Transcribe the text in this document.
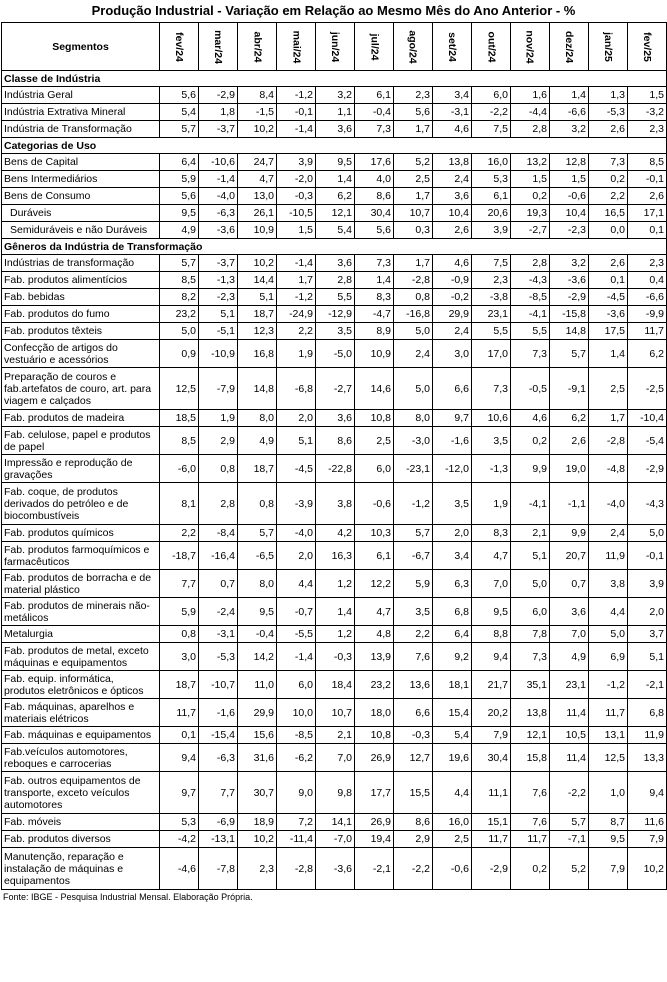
Produção Industrial - Variação em Relação ao Mesmo Mês do Ano Anterior - %
Segmentos	fev/24	mar/24	abr/24	mai/24	jun/24	jul/24	ago/24	set/24	out/24	nov/24	dez/24	jan/25	fev/25
Classe de Indústria													
Indústria Geral	5,6	-2,9	8,4	-1,2	3,2	6,1	2,3	3,4	6,0	1,6	1,4	1,3	1,5
Indústria Extrativa Mineral	5,4	1,8	-1,5	-0,1	1,1	-0,4	5,6	-3,1	-2,2	-4,4	-6,6	-5,3	-3,2
Indústria de Transformação	5,7	-3,7	10,2	-1,4	3,6	7,3	1,7	4,6	7,5	2,8	3,2	2,6	2,3
Categorias de Uso													
Bens de Capital	6,4	-10,6	24,7	3,9	9,5	17,6	5,2	13,8	16,0	13,2	12,8	7,3	8,5
Bens Intermediários	5,9	-1,4	4,7	-2,0	1,4	4,0	2,5	2,4	5,3	1,5	1,5	0,2	-0,1
Bens de Consumo	5,6	-4,0	13,0	-0,3	6,2	8,6	1,7	3,6	6,1	0,2	-0,6	2,2	2,6
Duráveis	9,5	-6,3	26,1	-10,5	12,1	30,4	10,7	10,4	20,6	19,3	10,4	16,5	17,1
Semiduráveis e não Duráveis	4,9	-3,6	10,9	1,5	5,4	5,6	0,3	2,6	3,9	-2,7	-2,3	0,0	0,1
Gêneros da Indústria de Transformação													
Indústrias de transformação	5,7	-3,7	10,2	-1,4	3,6	7,3	1,7	4,6	7,5	2,8	3,2	2,6	2,3
Fab. produtos alimentícios	8,5	-1,3	14,4	1,7	2,8	1,4	-2,8	-0,9	2,3	-4,3	-3,6	0,1	0,4
Fab. bebidas	8,2	-2,3	5,1	-1,2	5,5	8,3	0,8	-0,2	-3,8	-8,5	-2,9	-4,5	-6,6
Fab. produtos do fumo	23,2	5,1	18,7	-24,9	-12,9	-4,7	-16,8	29,9	23,1	-4,1	-15,8	-3,6	-9,9
Fab. produtos têxteis	5,0	-5,1	12,3	2,2	3,5	8,9	5,0	2,4	5,5	5,5	14,8	17,5	11,7
Confecção de artigos do vestuário e acessórios	0,9	-10,9	16,8	1,9	-5,0	10,9	2,4	3,0	17,0	7,3	5,7	1,4	6,2
Preparação de couros e fab.artefatos de couro, art. para viagem e calçados	12,5	-7,9	14,8	-6,8	-2,7	14,6	5,0	6,6	7,3	-0,5	-9,1	2,5	-2,5
Fab. produtos de madeira	18,5	1,9	8,0	2,0	3,6	10,8	8,0	9,7	10,6	4,6	6,2	1,7	-10,4
Fab. celulose, papel e produtos de papel	8,5	2,9	4,9	5,1	8,6	2,5	-3,0	-1,6	3,5	0,2	2,6	-2,8	-5,4
Impressão e reprodução de gravações	-6,0	0,8	18,7	-4,5	-22,8	6,0	-23,1	-12,0	-1,3	9,9	19,0	-4,8	-2,9
Fab. coque, de produtos derivados do petróleo e de biocombustíveis	8,1	2,8	0,8	-3,9	3,8	-0,6	-1,2	3,5	1,9	-4,1	-1,1	-4,0	-4,3
Fab. produtos químicos	2,2	-8,4	5,7	-4,0	4,2	10,3	5,7	2,0	8,3	2,1	9,9	2,4	5,0
Fab. produtos farmoquímicos e farmacêuticos	-18,7	-16,4	-6,5	2,0	16,3	6,1	-6,7	3,4	4,7	5,1	20,7	11,9	-0,1
Fab. produtos de borracha e de material plástico	7,7	0,7	8,0	4,4	1,2	12,2	5,9	6,3	7,0	5,0	0,7	3,8	3,9
Fab. produtos de minerais não-metálicos	5,9	-2,4	9,5	-0,7	1,4	4,7	3,5	6,8	9,5	6,0	3,6	4,4	2,0
Metalurgia	0,8	-3,1	-0,4	-5,5	1,2	4,8	2,2	6,4	8,8	7,8	7,0	5,0	3,7
Fab. produtos de metal, exceto máquinas e equipamentos	3,0	-5,3	14,2	-1,4	-0,3	13,9	7,6	9,2	9,4	7,3	4,9	6,9	5,1
Fab. equip. informática, produtos eletrônicos e ópticos	18,7	-10,7	11,0	6,0	18,4	23,2	13,6	18,1	21,7	35,1	23,1	-1,2	-2,1
Fab. máquinas, aparelhos e materiais elétricos	11,7	-1,6	29,9	10,0	10,7	18,0	6,6	15,4	20,2	13,8	11,4	11,7	6,8
Fab. máquinas e equipamentos	0,1	-15,4	15,6	-8,5	2,1	10,8	-0,3	5,4	7,9	12,1	10,5	13,1	11,9
Fab.veículos automotores, reboques e carrocerias	9,4	-6,3	31,6	-6,2	7,0	26,9	12,7	19,6	30,4	15,8	11,4	12,5	13,3
Fab. outros equipamentos de transporte, exceto veículos automotores	9,7	7,7	30,7	9,0	9,8	17,7	15,5	4,4	11,1	7,6	-2,2	1,0	9,4
Fab. móveis	5,3	-6,9	18,9	7,2	14,1	26,9	8,6	16,0	15,1	7,6	5,7	8,7	11,6
Fab. produtos diversos	-4,2	-13,1	10,2	-11,4	-7,0	19,4	2,9	2,5	11,7	11,7	-7,1	9,5	7,9
Manutenção, reparação e instalação de máquinas e equipamentos	-4,6	-7,8	2,3	-2,8	-3,6	-2,1	-2,2	-0,6	-2,9	0,2	5,2	7,9	10,2
Fonte: IBGE - Pesquisa Industrial Mensal. Elaboração Própria.
